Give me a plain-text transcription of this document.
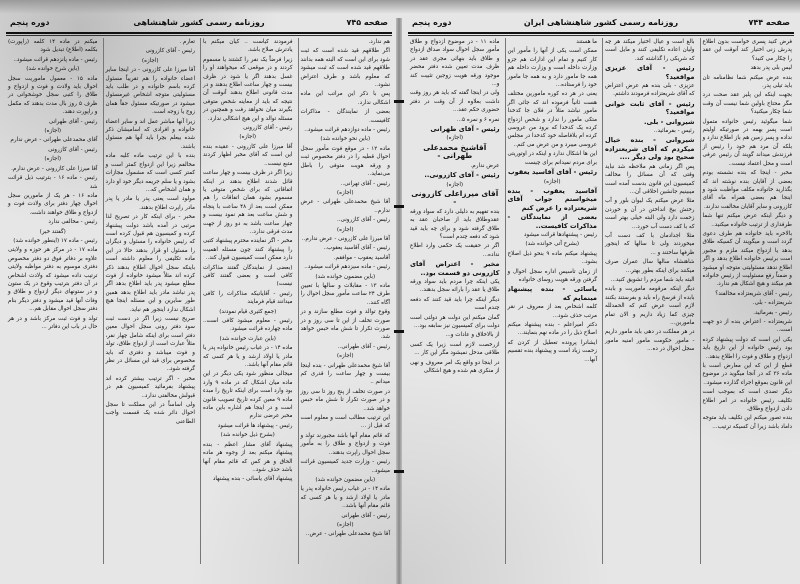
صفحه ۷۴۵
روزنامه رسمی کشور شاهنشاهی
دوره پنجم

هم ندارد.

اگر طلاقهم قید شده است که ثبت شود برای این است که البته همه بدانند طلاقهم قید شده است که ثبت میشود که معلوم باشد و طرف اعتراض نشود..

پس با ذکر این مراتب این ماده اشکالی ندارد.

بعضی از نمایندگان - مذاکرات کافیست.

رئیس - ماده دوازدهم قرائت میشود..

(باین نحو خوانده شد)

ماده ۱۲ - در موقع فوت مأمور سجل احوال قطیه را در دفتر مخصوص ثبت و ورقه هویت متوفی را باطل می‌نماید..

رئیس - آقای تهرانی..

(اجازه)

آقا شیخ محمدعلی طهرانی - عرض ندارم..

رئیس - آقای کازرونی..

(اجازه)

آقا میرزا علی کازرونی - عرض ندارم..

رئیس - آقای آقاسید یعقوب..

آقاسید یعقوب - موافقم.

رئیس - ماده سیزدهم قرائت میشود..

(باین مضمون خوانده شد)

ماده ۱۳ - مقابلات و سالها با تعیین طرف ۲۴ ساعت مأمور سجل احوال را آگاه کنند..

وقوع توالد و فوت مطلع سازند و در صورت تخلف از این تا سی روز و در صورت تکرار تا شش ماه حبس خواهد شد.

رئیس - آقای طهرانی..

(اجازه)

آقا شیخ محمدعلی طهرانی - بنده اینجا بیست و چهار ساعت را قدری کم میدانم ..

در صورت تخلف از پنج روز تا سی روز و در صورت تکرار تا شش ماه حبس خواهد شد..

این ترتیب مطالب است و معلوم است که قبل از ...

که قائم مقام آنها باشد مجبورند تولد و فوت و ازدواج و طلاق را به مأمور سجل احوال راپرت بدهند..

رئیس - وزارت جدید کمیسیون قرائت میشود..

(باین مضمون خوانده شد)

ماده ۱۴ - در غیاب رئیس خانواده پدر یا مادر یا اولاد ارشد و یا هر کسی که قائم مقام آنها باشد..

رئیس - آقای طهرانی

(اجازه)

آقا شیخ محمدعلی طهرانی - عرض..

فرمودند کیاست .. کیان میکنم با یادترش صلاح باشد.

زیرا فرضاً یک نفر را کشتند یا مسموم کردند و در موقعی که میخواهند او را غسل بدهند اگر یا شود در ظرف بیست و چهار ساعت اطلاع بدهند و در مدت قانونی اطلاع بدهند آنوقت آن نتیجه که باید از معاینه شخص متوفی بگیرند میان نخواهد رفت و همچنین در مسئله توالد و این هیچ اشکالی ندارد.

رئیس - آقای کازرونی

(اجازه)

آقا میرزا علی کازرونی - عقیده بنده این است که آقای مخبر اظهار کردند متبع نیست..

زیرا اگر در ظرف بیست و چهار ساعت قائل شدند اطلاع بدهند در اینکه اتفاقاتی که برای شخص متوفی یا مسموم بشود همان اتفاقات را هم ممکن است بعد از ۴۸ ساعت با پنجاه و شش ساعت بعد هم نمود بیست و چهار ساعت باشد به دو روز از جهت مدت فرقی ندارد..

مخبر - اگر نماینده محترم پیشنهاد کتبی را پیشنهاد کنند چون مسئله اهمیت دارد ممکن است کمیسیون قبول کند..

(بعضی از نمایندگان گفتند مذاکرات کافی است و بعضی گفتند کافی نیست)

رئیس - آقایانیکه مذاکرات را کافی میدانند قیام فرمایند

(جمع کثیری قیام نمودند)

رئیس - معلوم میشود کافی است.. ماده چهارده قرائت میشود.

(باین عبارت خوانده شد)

ماده ۱۴ - در غیاب رئیس خانواده پدر یا مادر یا اولاد ارشد و یا هر کسی که قائم مقام آنها باشد..

میجالی منظور شود یکی دیگر در این ماده میان اشکال که در ماده ۹ وارد بود وارد است برای اینکه تاریخ را مبدء ماده ۹ معین کرده تاریخ تصویب قانون است و در اینجا هم اشاره باین ماده مخبر عرضی ندارم

رئیس - پیشنهاد ها قرائت میشود

(بشرح ذیل خوانده شد)

پیشنهاد آقای مشار اعظم - بنده پیشنهاد میکنم بعد از وجوه هر ماده الحاق و هر کس که قائم مقام آنها باشد حذف شود..

پیشنهاد آقای یاسائی - بنده پیشنهاد

تعارم .

رئیس - آقای کازرونی

(اجازه)

آقا میرزا علی کازرونی - در اینجا سایر اعضاء خانواده را هم تقریباً مسئول کرده باسم خانواده و در طلب باید مسئولیتی متوجه اشخاص غیرمسئول میشود در صورتیکه مسئول حقاً همان زوج یا زوجه است.

زیرا آنها مباشر عمل اند و سایر اعضاء خانواده و افرادی که اسامیشان ذکر شده بیعلم بچرا باید آنها هم مسئول باشند.

بنده با این ترتیب ماده کلیه ماده مخالفم زیرا این ازدواج کمتر است و کمتر کسی است که مشمول مجازات بشود و یا سلم جریمه دیگر خود او دارد و همان اشخاص که...

مولود است یعنی پدر یا مادر یا پدر مادر راپرت اطلاع بدهند.

مخبر - برای اینکه کار در تصریح لذا مرتبی در آمده باشد دولت پیشنهاد کرده و کمیسیون هم قبول کرده است که رئیس خانواده را مسئول و دیگران را مسئول او قرار بدهند حالا در این ماده تکلیفی را معلوم داشته است باینکه سجل احوال اطلاع بدهند ذکر کرده اند مثلاً میشود خانواده از فوت مطلع میشود پدر باید اطلاع بدهد اگر پدر نباشد مادر باید اطلاع بدهد همین طور سایرین و این مسئله اینجا هیچ اشکال ندارد اینجور هم نباید.

صریح نیست زیرا اگر در دست ثبت سود دفتر رونی سجل احوال معین دفتر است برای اینکه شامل چهار نفر، مثلاً عبارت است از ازدواج طلاق، تولد و فوت میباشد و دفتری که باید مخصوص برای قید این مسائل در نظر گرفته شود..

مخبر - اگر ترتیب بیشتر کرده اند پیشنهاد بفرمائید کمیسیون هم در قبولش مخالفتی ندارد..

ولی اساساً در این مملکت تا سجل احوال دائر شده یک قسمت واجب الطاعنی

میکنم در ماده ۱۴ کلمه (راپورت) بکلمه (اطلاع) تبدیل شود

رئیس - ماده پانزدهم قرائت میشود..

(باین شرح خوانده شد)

ماده ۱۵ - معمول ماموریت سجل احوال باید ولادت و فوت و ازدواج و طلاق را کتبی سجل خوشخوانی در ظرف ۵ روز بال مدت بدهند که مکمل و راپورت دهند.

رئیس - آقای طهرانی

(اجازه)

آقای محمدعلی طهرانی - عرض ندارم

رئیس - آقای کازرونی

(اجازه)

آقا میرزا علی کازرونی - عرض ندارم.

رئیس - ماده ۱۶ - بترتیب ذیل قرائت شد

ماده ۱۶ - هر یک از مامورین سجل احوال چهار دفتر برای ولادت فوت و ازدواج و طلاق خواهند داشت.

رئیس - مخالفی ندارد

(گفتند خیر)

رئیس - ماده ۱۷ (اینطور خوانده شد)

ماده ۱۷ - در مرکز هر حوزه و ولایتی علاوه بر دفاتر فوق دو دفتر مخصوص دفتری موسوم به دفتر مواظبه ولایتی ترتیب داده میشود که ولادت اشخاص در آن دفتر بترتیب وقوع در یک ستون و در ستونهای دیگر ازدواج و طلاق و وفات آنها قید میشود و دفتر دیگر بنام دفتر سجل احوال مقابل هم...

تولد و فوت ثبت مرکز باشد و در هر حال در باب این دفاتر ...

صفحه ۷۴۴
روزنامه رسمی کشور شاهنشاهی ایران
دوره پنجم

فرض کنید پسری خواست بدون اطلاع پدرش زنی اختیار کند آنوقت این عقد را چکار می کنید؟

لیس بلی پدر بدهد

بنده عرض میکنم شما نظامنامه تان باید تیلی پدر.

بجهت اینکه این پلیر عقد صحت درد مگر محتاج باولین شما نیست آن وقت شما چکار میکنید؟

شما میگوئید رئیس خانواده متمول است پسر بهمه در صورتیکه اولیتم نداده و پسر زمین هم باز اطلاع ندارد و بلکه آن مرد هم خود را رئیس از فرزندش میداند گویند آن رئیس عرفی است و محل اعتماد نیست..

مخبر - اینجا که بنده نشسته بودم بعضی از آقایان بنده نوشته اند که بگذارید خانواده مکلف مواظبت شود و اینجا هم بعضی همراه ماه آقای کازرونی و سایر آقایان مخالفت ندارند.

و دیگر اینکه عرض میکنم تنها شما طرفداری از ترتیب خانواده میکنید..

بالاخره باید خانواده هم طرف دعوی گردد است و میگویند آن کسیکه طلاق بدهد یا ازدواج میکند ملزم و مجبور است برئیس خانواده اطلاع بدهد و اگر اطلاع ندهد مسئولیتی متوجه او میشود و ضمناً رفع مسئولیت از رئیس خانواده هم میکند و هیچ اشکال هم ندارد.

رئیس - آقای شریعتزاده مخالفند؟

شریعتزاده - بلی.

رئیس - بفرمائید.

شریعتزاده - اعتراض بنده از دو جهت است..

یکی این است که دولت پیشنهاد کرده بود رئیس خانواده از این تاریخ باید ازدواج و طلاق و فوت را اطلاع بدهد..

قطع از این که این معارض است با ماده ۳۶ که در آنجا میگوید در موضوع این قانون بموقع اجراء گذارده میشود..

دیگر تصدی است که بموجب است تکلیف رئیس خانواده در امر اطلاع دادن ازدواج وطلاق.

بنده تصور میکنم این تکلیف باید متوجه داماد باشد زیرا آن کسیکه ترتیب...

بالغ است و عیال اختیار میکند هر چه ولیان اعاده نکلیفی کنند و مایل است که شریکی را گذاشته کند.

رئیس - آقای عزیزی مواقعید؟

عزیزی - بلی بنده هم عرض اعتراض که آقای شریعتزاده فرمودند داشتم.

رئیس - آقای ثابت خوانی مواقعید؟

شیروانی - بلی.

رئیس - بفرمائید..

شیروانی - بنده خیال میکردم که آقای شریعتزاده صحیح بود ولی دیگر ....

پس اگر زمانی هم ملاحظه شد نباید وقتی که آن مسائل را مخالف کمیسیون این قانون بدست آمده است میبینیم جانشین اخلاقی آن...

مثلا عرض میکنم یک لیوان بلور و آب رختش بیخ انداختن در آن و خوردن زحمت دارد ولی البته خیلی بهتر است که با کف دست آب خورد...

مثلا اجدادمان با کف دست آب میخوردند ولی تا سالها که اینجور ظرفها ساختند و ...

شاهنشاه سالها سال عمران صرف میکنند برای اینکه بطور بهتر...

البته باید شما مردم را تشویق کنید...

دیگر اینکه مرقومه ماموریت و بابده بابده از فرسخ راه باید و بفرستند بکنند لازم است عرض کنم که الحمدلله چیزی کما زیاد داریم و الان تمام مامورین...

در هر مملکت در دهی باید مامور داریم - مامور حکومت مامور امنیه مامور سجل احوال در ده...

ما هستند

ممکن است یکی از آنها را مأمور این کار کنیم و تمام این ادارات هم جزو وزارت داخله است و وزارت داخله هم همه جا مامور دارد و به همه جا مامور خود را فرستاده...

یعنی در هر ده کوره مامورین مختلف هست ثانیاً فرموده اند که جائی اگر مامور نباشد مثلاً در فلان جا کدخدا متکی مامور را ندارد و شخص ازدواج کرده یک کدخدا که برود من عروسی کرده ام بلافاصله خود کدخدا در مجلس عروسی میبرد و من عرض می کنم..

این ها اشکال ندارد و اینکه در اوتوریتی برای مردم نمیدانم برای چیست

رئیس - آقای آقاسید یعقوب

(اجازه)

آقاسید یعقوب - بنده میخواستم جواب آقای شریعتزاده را عرض کنم

بعضی از نمایندگان - مذاکرات کافیست..

رئیس - پیشنهادها قرائت میشود

(بشرح آتی خوانده شد)

پیشنهاد میکنم ماده ۹ بنحو ذیل اصلاح بشود..

از زمان تاسیس اداره سجل احوال و گرفتن ورقه هویت روسای خانواده

یاسائی - بنده پیشنهاد مینمایم که

کلمه اشخاص بعد از معروف در نقر مرتب حذف شود...

دکتر امیراعلم - بنده پیشنهاد میکنم اصلاح ذیل را در ماده نهم بنمایند...

ایشانرا پرونده تعطیل از کردن که زحمت زیاد است و پیشنهاد بنده تقسیم آنها...

ماده ۱۱ - در موضوع ازدواج و طلاق مأمور سجل احوال سواد صداق ازدواج و طلاق باید بنهائی مجری عقد در ظرف مدت تعیین شده دفتر محضر موجود ورقه هویت زوجین تثبیت کند و...

ولی در اینجا گفته که باید هر روز وقت داشت بعلاوه از آن وقت در دفتر حضوری حکم عقد...

نمره ۶ و نمره ۵...

رئیس - آقای طهرانی

(اجازه)

آقاشیخ محمدعلی طهرانی -

عرض ندارم.

رئیس - آقای کازرونی..

(اجازه)

آقای میرزاعلی کازرونی -

بنده تفهیم به دلیلی دارد که سواد ورقه عقدوطلاق باید از صاحبان عقد به طلاق گرفته شود و برای چه باید قید شود که دفعه چندم است؟

اگر در حقیقت یک حکمی وارد اطلاع نداده...

مخبر - اعتراض آقای کازرونی دو قسمت بود..

یکی اینکه چرا مردم باید سواد ورقه طلاق یا عقد را بارائه سجل بدهند..

دیگر اینکه چرا باید قید کنند که دفعه چندم است

گمان میکنم این دولت هر دولتی است دولت برای کمیسیون نیز سابقه بود...

از بالاخلاق و عادات و...

ازرخصت لازم است زیرا یک کسی طلاقی مدخل نمیشود مگر این کار ...

در اینجا دو واقع یک امر معروف و نهی از منکری هم شده و هیچ اشکالی
